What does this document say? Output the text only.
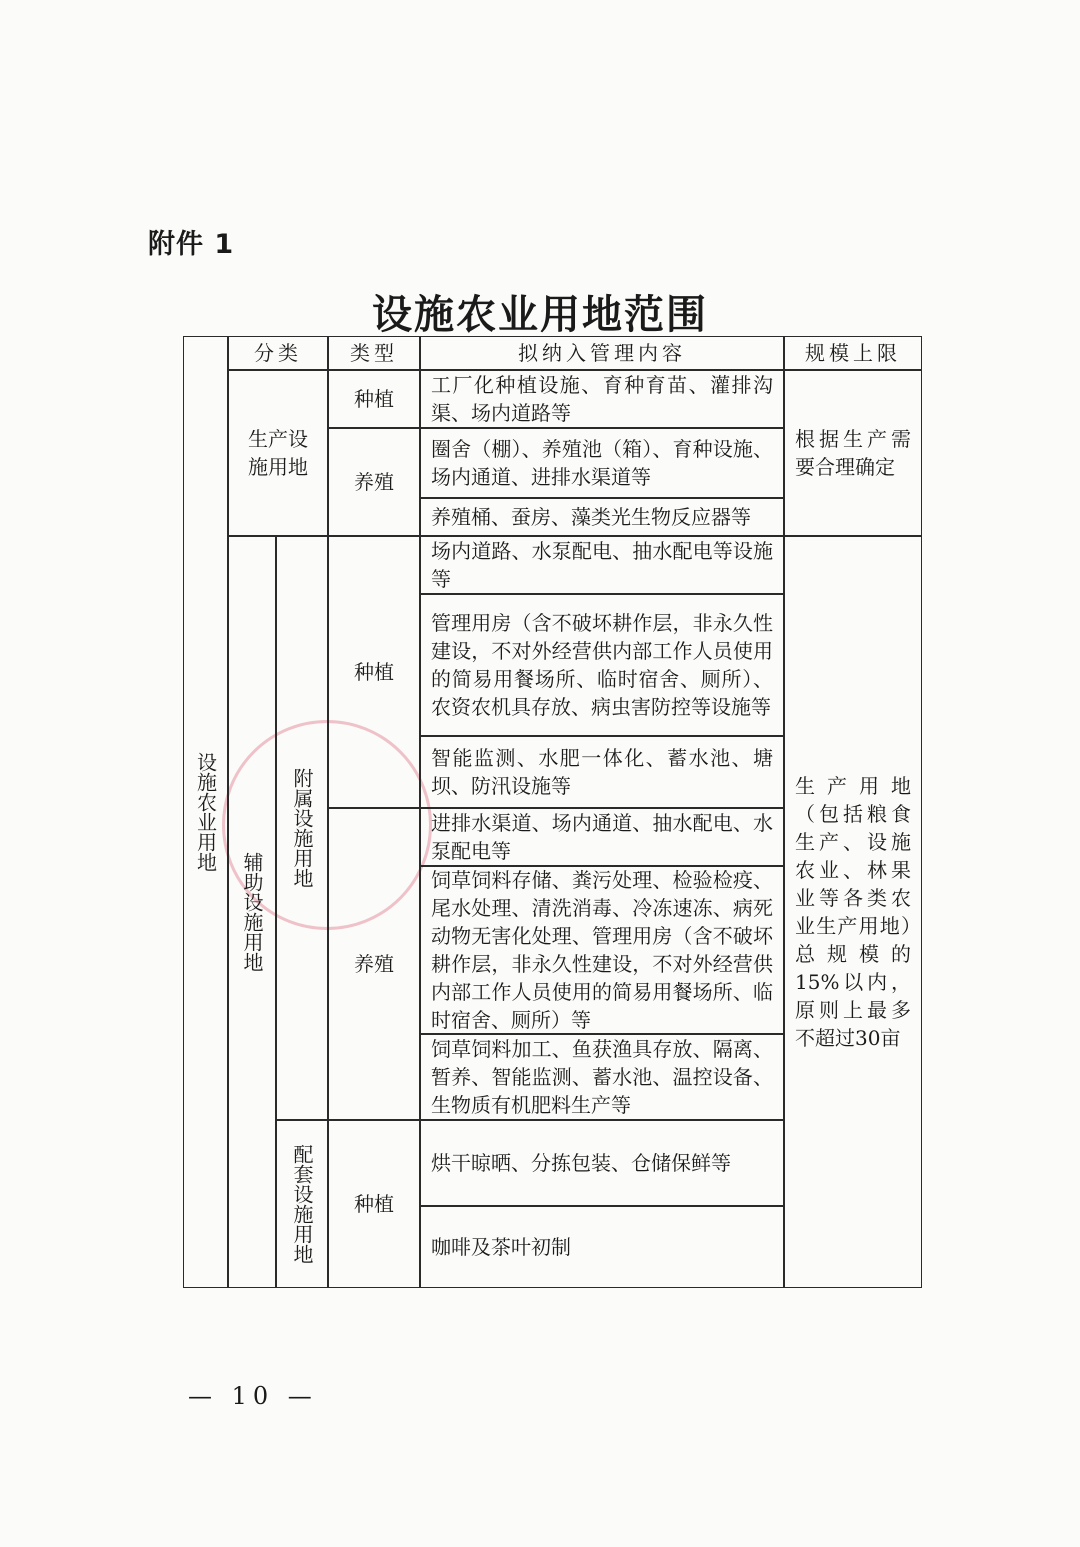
附件 1
设施农业用地范围
分类 类型	拟纳入管理内容	规模上限
设施农业用地
生产设施用地
种植
工厂化种植设施、育种育苗、灌排沟渠、场内道路等
养殖
圈舍（棚）、养殖池（箱）、育种设施、场内通道、进排水渠道等
养殖桶、蚕房、藻类光生物反应器等
根据生产需要合理确定
辅助设施用地
附属设施用地
种植
场内道路、水泵配电、抽水配电等设施等
管理用房（含不破坏耕作层，非永久性建设，不对外经营供内部工作人员使用的简易用餐场所、临时宿舍、厕所）、农资农机具存放、病虫害防控等设施等
智能监测、水肥一体化、蓄水池、塘坝、防汛设施等
养殖
进排水渠道、场内通道、抽水配电、水泵配电等
饲草饲料存储、粪污处理、检验检疫、尾水处理、清洗消毒、冷冻速冻、病死动物无害化处理、管理用房（含不破坏耕作层，非永久性建设，不对外经营供内部工作人员使用的简易用餐场所、临时宿舍、厕所）等
饲草饲料加工、鱼获渔具存放、隔离、暂养、智能监测、蓄水池、温控设备、生物质有机肥料生产等
配套设施用地 种植
烘干晾晒、分拣包装、仓储保鲜等
咖啡及茶叶初制
生产用地（包括粮食生产、设施农业、林果业等各类农业生产用地）总规模的15%以内，原则上最多不超过30亩
— 10 —
